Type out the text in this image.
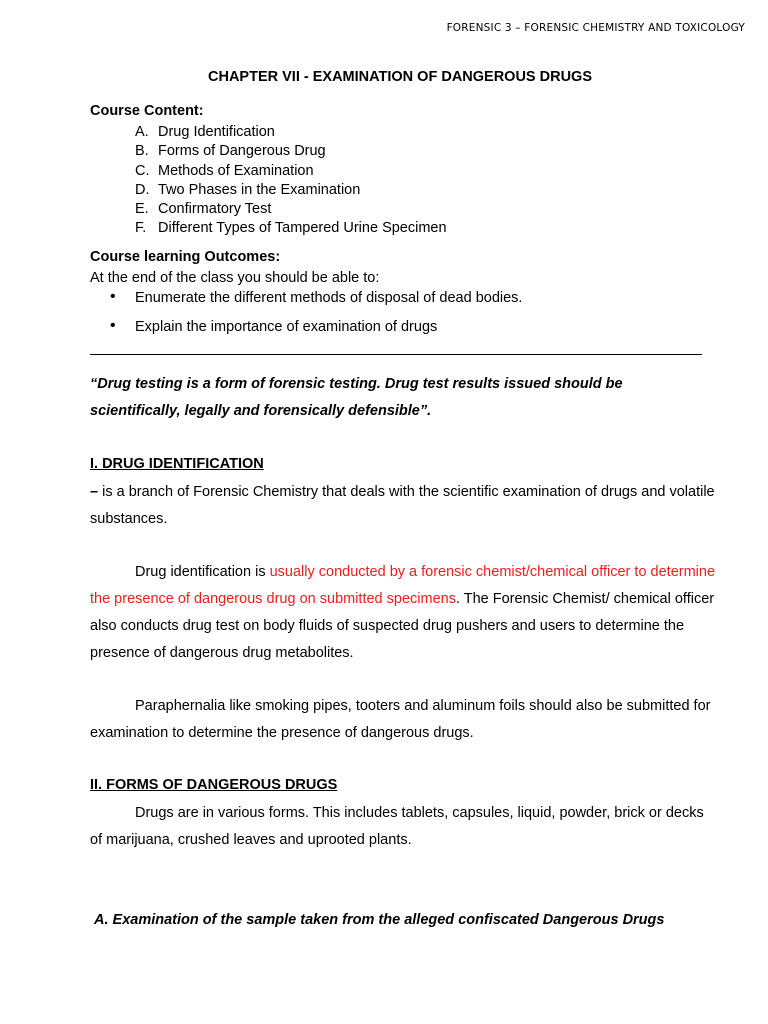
FORENSIC 3 – FORENSIC CHEMISTRY AND TOXICOLOGY
CHAPTER VII - EXAMINATION OF DANGEROUS DRUGS
Course Content:
A. Drug Identification
B. Forms of Dangerous Drug
C. Methods of Examination
D. Two Phases in the Examination
E. Confirmatory Test
F. Different Types of Tampered Urine Specimen
Course learning Outcomes:
At the end of the class you should be able to:
• Enumerate the different methods of disposal of dead bodies.
• Explain the importance of examination of drugs
“Drug testing is a form of forensic testing. Drug test results issued should be scientifically, legally and forensically defensible”.
I. DRUG IDENTIFICATION
– is a branch of Forensic Chemistry that deals with the scientific examination of drugs and volatile substances.
Drug identification is usually conducted by a forensic chemist/chemical officer to determine the presence of dangerous drug on submitted specimens. The Forensic Chemist/ chemical officer also conducts drug test on body fluids of suspected drug pushers and users to determine the presence of dangerous drug metabolites.
Paraphernalia like smoking pipes, tooters and aluminum foils should also be submitted for examination to determine the presence of dangerous drugs.
II. FORMS OF DANGEROUS DRUGS
Drugs are in various forms. This includes tablets, capsules, liquid, powder, brick or decks of marijuana, crushed leaves and uprooted plants.
A. Examination of the sample taken from the alleged confiscated Dangerous Drugs
